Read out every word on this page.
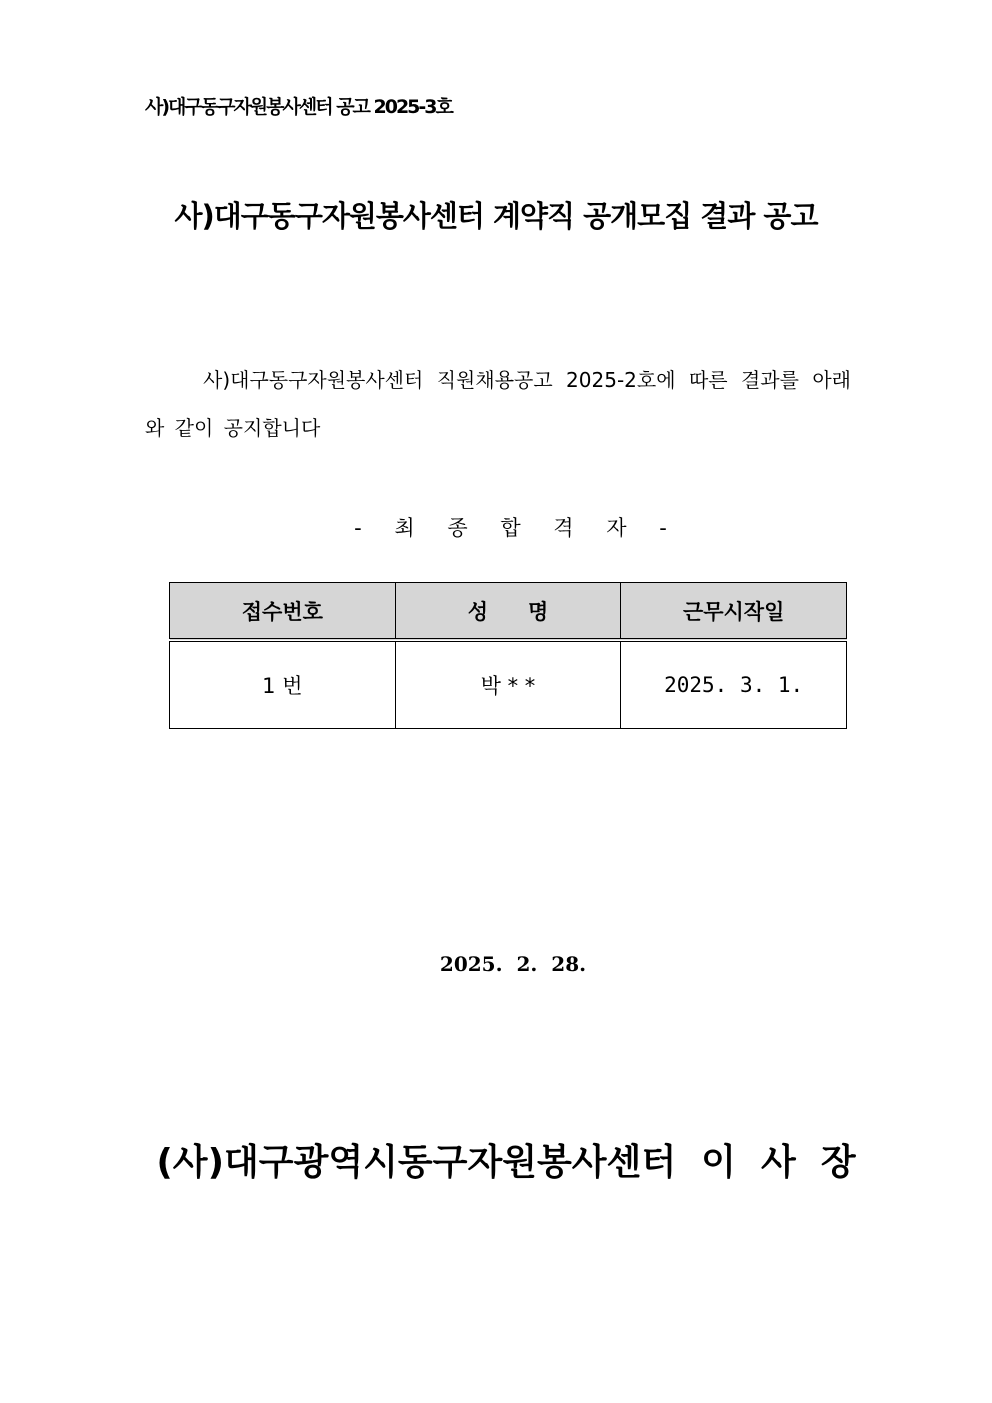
사)대구동구자원봉사센터 공고 2025-3호
사)대구동구자원봉사센터 계약직 공개모집 결과 공고
사)대구동구자원봉사센터 직원채용공고 2025-2호에 따른 결과를 아래와 같이 공지합니다
- 최 종 합 격 자 -
접수번호	성명	근무시작일
1 번	박 * *	2025. 3. 1.
2025.  2.  28.
(사)대구광역시동구자원봉사센터  이  사  장
